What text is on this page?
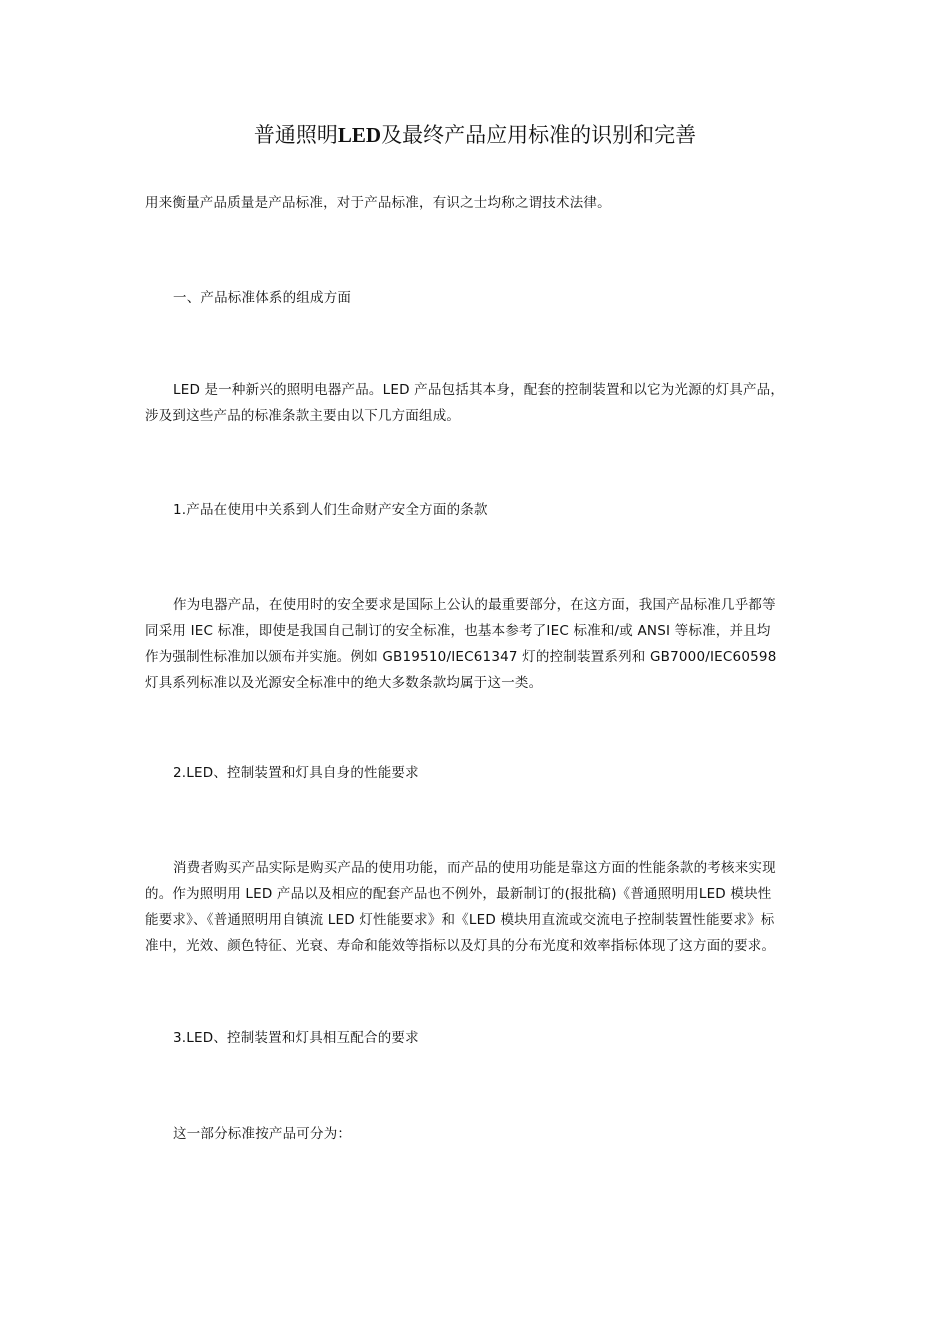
普通照明LED及最终产品应用标准的识别和完善

用来衡量产品质量是产品标准，对于产品标准，有识之士均称之谓技术法律。

一、产品标准体系的组成方面

LED 是一种新兴的照明电器产品。LED 产品包括其本身，配套的控制装置和以它为光源的灯具产品，
涉及到这些产品的标准条款主要由以下几方面组成。

1.产品在使用中关系到人们生命财产安全方面的条款

作为电器产品，在使用时的安全要求是国际上公认的最重要部分，在这方面，我国产品标准几乎都等
同采用 IEC 标准，即使是我国自己制订的安全标准，也基本参考了IEC 标准和/或 ANSI 等标准，并且均
作为强制性标准加以颁布并实施。例如 GB19510/IEC61347 灯的控制装置系列和 GB7000/IEC60598
灯具系列标准以及光源安全标准中的绝大多数条款均属于这一类。

2.LED、控制装置和灯具自身的性能要求

消费者购买产品实际是购买产品的使用功能，而产品的使用功能是靠这方面的性能条款的考核来实现
的。作为照明用 LED 产品以及相应的配套产品也不例外，最新制订的(报批稿)《普通照明用LED 模块性
能要求》、《普通照明用自镇流 LED 灯性能要求》和《LED 模块用直流或交流电子控制装置性能要求》标
准中，光效、颜色特征、光衰、寿命和能效等指标以及灯具的分布光度和效率指标体现了这方面的要求。

3.LED、控制装置和灯具相互配合的要求

这一部分标准按产品可分为：
